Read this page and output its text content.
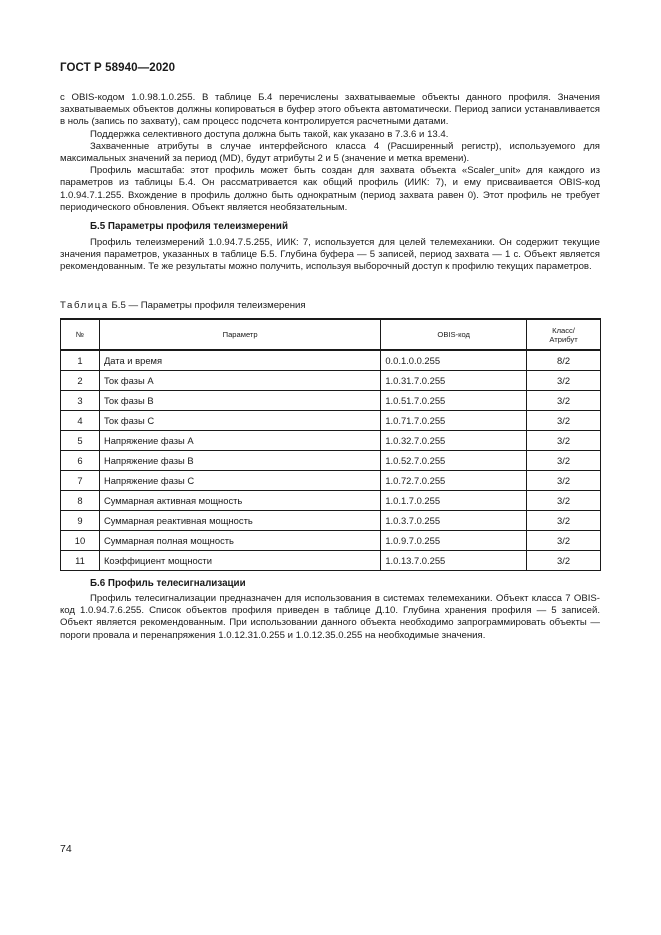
ГОСТ Р 58940—2020

с OBIS-кодом 1.0.98.1.0.255. В таблице Б.4 перечислены захватываемые объекты данного профиля. Значения захватываемых объектов должны копироваться в буфер этого объекта автоматически. Период записи устанавливается в ноль (запись по захвату), сам процесс подсчета контролируется расчетными датами.

Поддержка селективного доступа должна быть такой, как указано в 7.3.6 и 13.4.

Захваченные атрибуты в случае интерфейсного класса 4 (Расширенный регистр), используемого для максимальных значений за период (MD), будут атрибуты 2 и 5 (значение и метка времени).

Профиль масштаба: этот профиль может быть создан для захвата объекта «Scaler_unit» для каждого из параметров из таблицы Б.4. Он рассматривается как общий профиль (ИИК: 7), и ему присваивается OBIS-код 1.0.94.7.1.255. Вхождение в профиль должно быть однократным (период захвата равен 0). Этот профиль не требует периодического обновления. Объект является необязательным.

Б.5 Параметры профиля телеизмерений

Профиль телеизмерений 1.0.94.7.5.255, ИИК: 7, используется для целей телемеханики. Он содержит текущие значения параметров, указанных в таблице Б.5. Глубина буфера — 5 записей, период захвата — 1 с. Объект является рекомендованным. Те же результаты можно получить, используя выборочный доступ к профилю текущих параметров.

Таблица Б.5 — Параметры профиля телеизмерения
№	Параметр	OBIS-код	Класс/
Атрибут
1	Дата и время	0.0.1.0.0.255	8/2
2	Ток фазы А	1.0.31.7.0.255	3/2
3	Ток фазы В	1.0.51.7.0.255	3/2
4	Ток фазы С	1.0.71.7.0.255	3/2
5	Напряжение фазы А	1.0.32.7.0.255	3/2
6	Напряжение фазы В	1.0.52.7.0.255	3/2
7	Напряжение фазы С	1.0.72.7.0.255	3/2
8	Суммарная активная мощность	1.0.1.7.0.255	3/2
9	Суммарная реактивная мощность	1.0.3.7.0.255	3/2
10	Суммарная полная мощность	1.0.9.7.0.255	3/2
11	Коэффициент мощности	1.0.13.7.0.255	3/2
Б.6 Профиль телесигнализации

Профиль телесигнализации предназначен для использования в системах телемеханики. Объект класса 7 OBIS-код 1.0.94.7.6.255. Список объектов профиля приведен в таблице Д.10. Глубина хранения профиля — 5 записей. Объект является рекомендованным. При использовании данного объекта необходимо запрограммировать объекты — пороги провала и перенапряжения 1.0.12.31.0.255 и 1.0.12.35.0.255 на необходимые значения.

74
